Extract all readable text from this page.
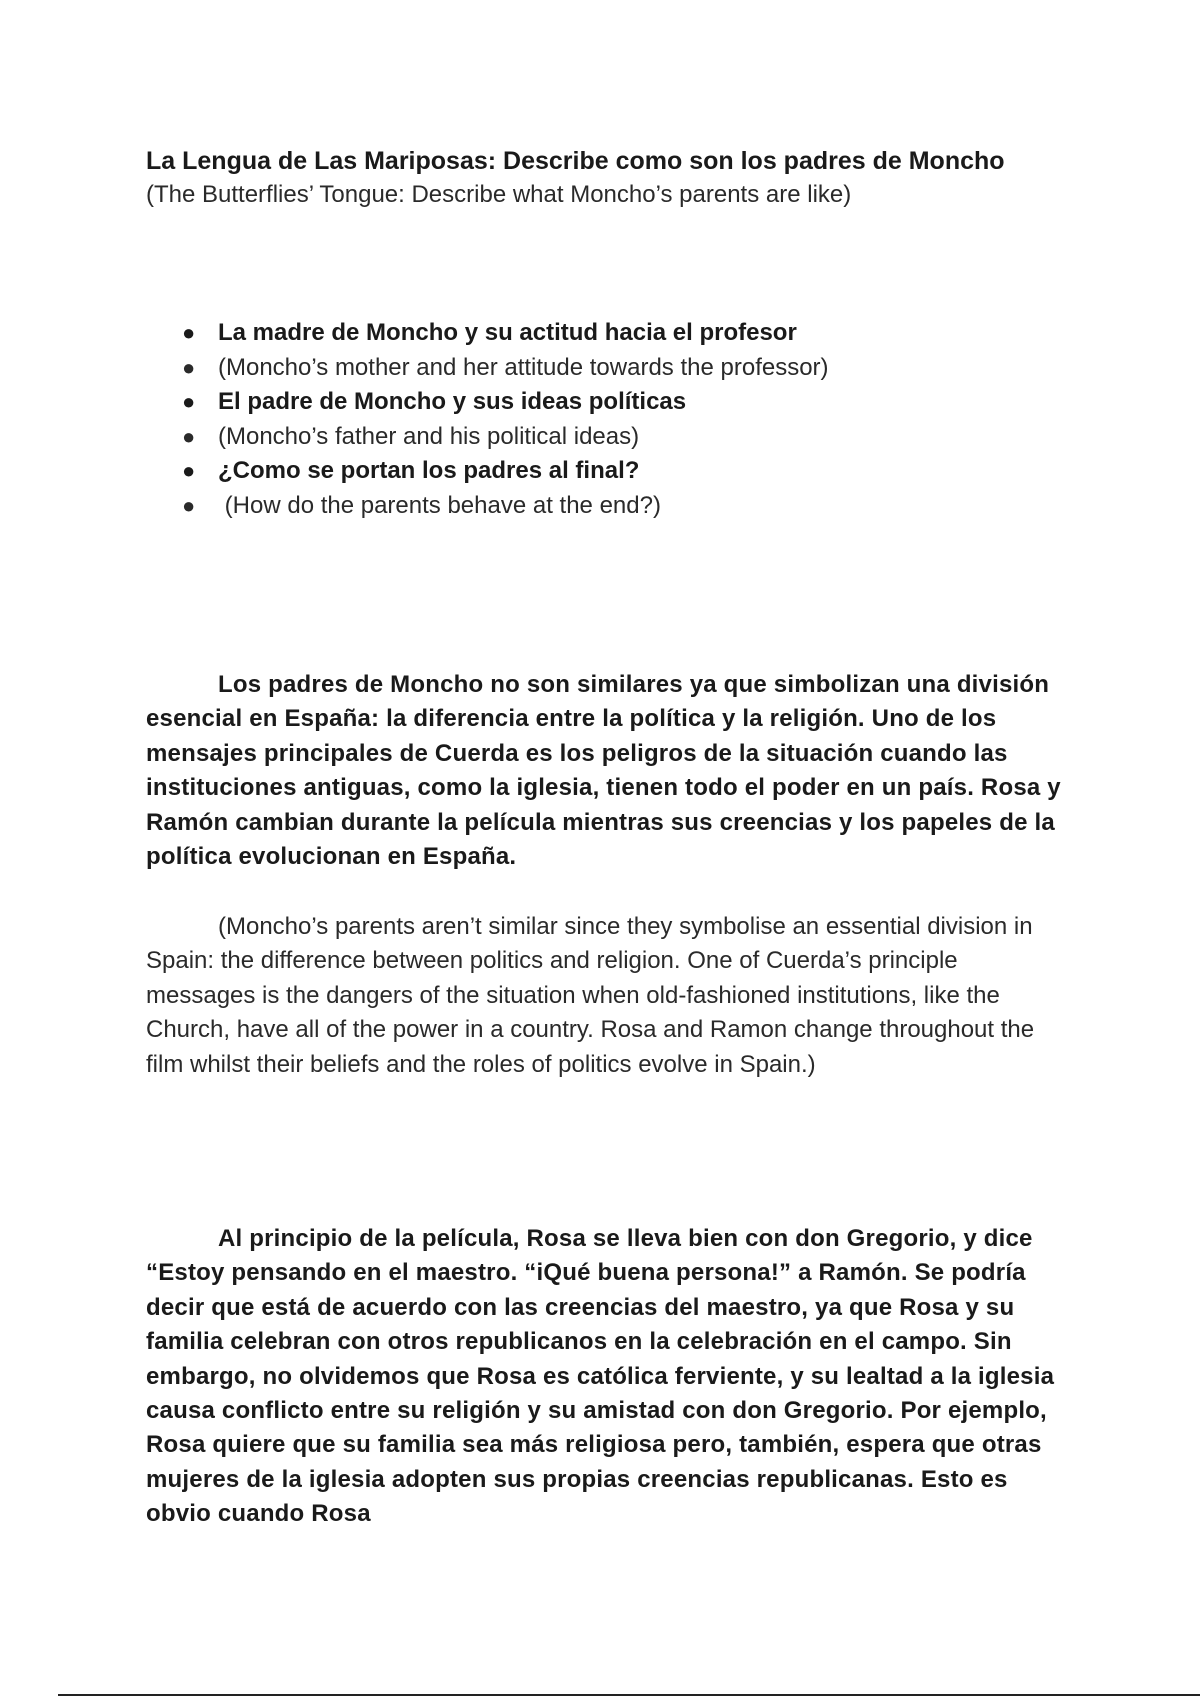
La Lengua de Las Mariposas: Describe como son los padres de Moncho

(The Butterflies’ Tongue: Describe what Moncho’s parents are like)

● La madre de Moncho y su actitud hacia el profesor
● (Moncho’s mother and her attitude towards the professor)
● El padre de Moncho y sus ideas políticas
● (Moncho’s father and his political ideas)
● ¿Como se portan los padres al final?
● (How do the parents behave at the end?)

Los padres de Moncho no son similares ya que simbolizan una división esencial en España: la diferencia entre la política y la religión. Uno de los mensajes principales de Cuerda es los peligros de la situación cuando las instituciones antiguas, como la iglesia, tienen todo el poder en un país. Rosa y Ramón cambian durante la película mientras sus creencias y los papeles de la política evolucionan en España.

(Moncho’s parents aren’t similar since they symbolise an essential division in Spain: the difference between politics and religion. One of Cuerda’s principle messages is the dangers of the situation when old-fashioned institutions, like the Church, have all of the power in a country. Rosa and Ramon change throughout the film whilst their beliefs and the roles of politics evolve in Spain.)

Al principio de la película, Rosa se lleva bien con don Gregorio, y dice “Estoy pensando en el maestro. “iQué buena persona!” a Ramón. Se podría decir que está de acuerdo con las creencias del maestro, ya que Rosa y su familia celebran con otros republicanos en la celebración en el campo. Sin embargo, no olvidemos que Rosa es católica ferviente, y su lealtad a la iglesia causa conflicto entre su religión y su amistad con don Gregorio. Por ejemplo, Rosa quiere que su familia sea más religiosa pero, también, espera que otras mujeres de la iglesia adopten sus propias creencias republicanas. Esto es obvio cuando Rosa
